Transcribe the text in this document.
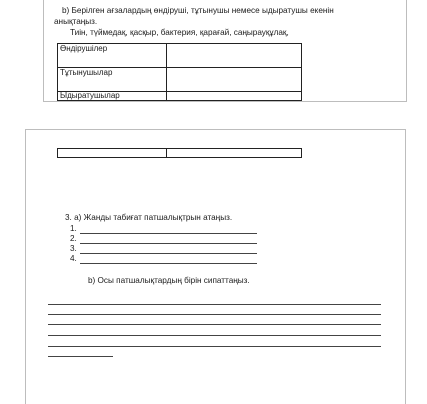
b) Берілген ағзалардың өндіруші, тұтынушы немесе ыдыратушы екенін
анықтаңыз.
Тиін, түймедақ, қасқыр, бактерия, қарағай, саңырауқұлақ,
Өндірушілер	
Тұтынушылар	
Ыдыратушылар	

3. а) Жанды табиғат патшалықтрын атаңыз.
1.
2.
3.
4.
b) Осы патшалықтардың бірін сипаттаңыз.
